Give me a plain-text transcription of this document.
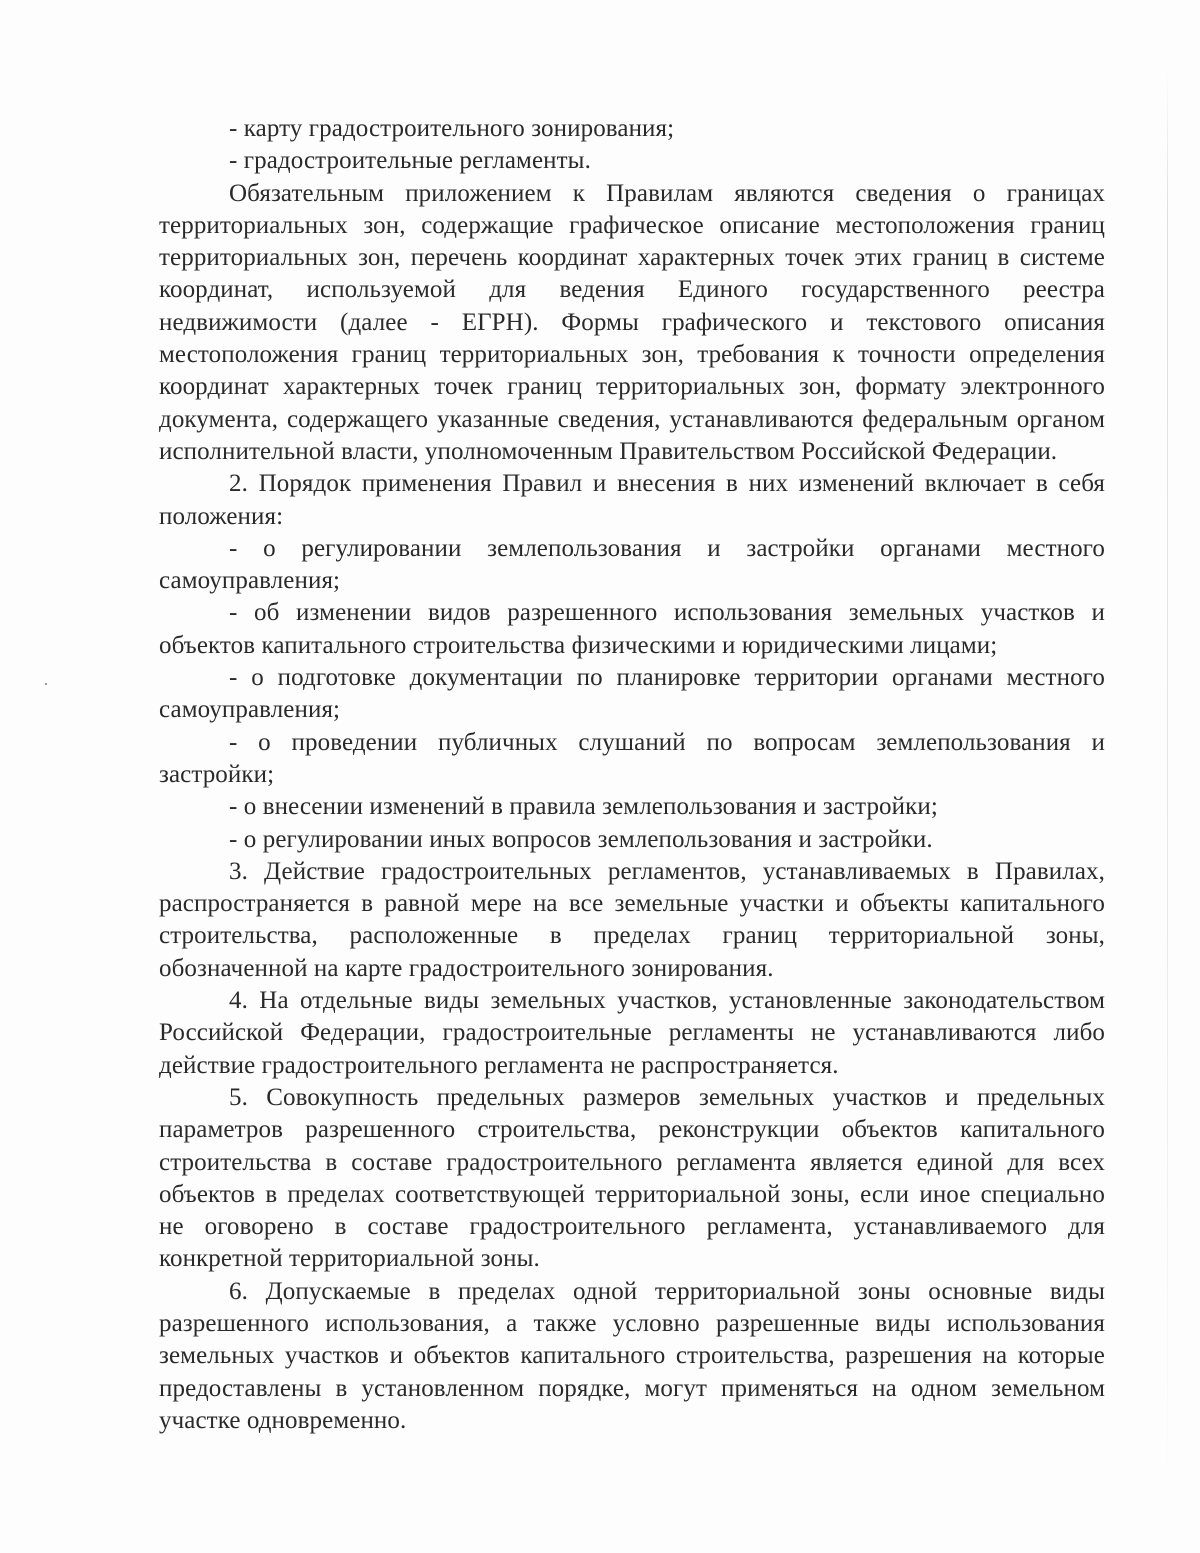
- карту градостроительного зонирования;

- градостроительные регламенты.

Обязательным приложением к Правилам являются сведения о границах территориальных зон, содержащие графическое описание местоположения границ территориальных зон, перечень координат характерных точек этих границ в системе координат, используемой для ведения Единого государственного реестра недвижимости (далее - ЕГРН). Формы графического и текстового описания местоположения границ территориальных зон, требования к точности определения координат характерных точек границ территориальных зон, формату электронного документа, содержащего указанные сведения, устанавливаются федеральным органом исполнительной власти, уполномоченным Правительством Российской Федерации.

2. Порядок применения Правил и внесения в них изменений включает в себя положения:

- о регулировании землепользования и застройки органами местного самоуправления;

- об изменении видов разрешенного использования земельных участков и объектов капитального строительства физическими и юридическими лицами;

- о подготовке документации по планировке территории органами местного самоуправления;

- о проведении публичных слушаний по вопросам землепользования и застройки;

- о внесении изменений в правила землепользования и застройки;

- о регулировании иных вопросов землепользования и застройки.

3. Действие градостроительных регламентов, устанавливаемых в Правилах, распространяется в равной мере на все земельные участки и объекты капитального строительства, расположенные в пределах границ территориальной зоны, обозначенной на карте градостроительного зонирования.

4. На отдельные виды земельных участков, установленные законодательством Российской Федерации, градостроительные регламенты не устанавливаются либо действие градостроительного регламента не распространяется.

5. Совокупность предельных размеров земельных участков и предельных параметров разрешенного строительства, реконструкции объектов капитального строительства в составе градостроительного регламента является единой для всех объектов в пределах соответствующей территориальной зоны, если иное специально не оговорено в составе градостроительного регламента, устанавливаемого для конкретной территориальной зоны.

6. Допускаемые в пределах одной территориальной зоны основные виды разрешенного использования, а также условно разрешенные виды использования земельных участков и объектов капитального строительства, разрешения на которые предоставлены в установленном порядке, могут применяться на одном земельном участке одновременно.
